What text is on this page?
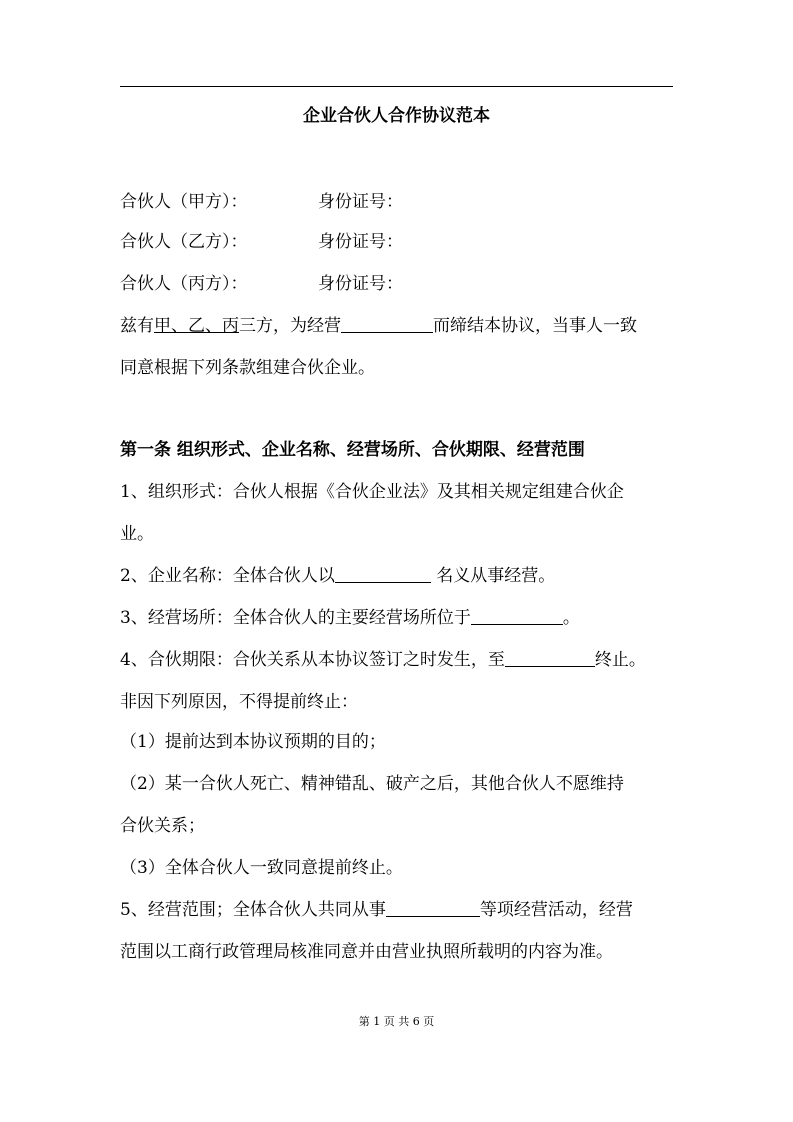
企业合伙人合作协议范本
合伙人（甲方）：	身份证号：
合伙人（乙方）：	身份证号：
合伙人（丙方）：	身份证号：
兹有甲、乙、丙三方，为经营	而缔结本协议，当事人一致
同意根据下列条款组建合伙企业。
第一条 组织形式、企业名称、经营场所、合伙期限、经营范围
1、组织形式：合伙人根据《合伙企业法》及其相关规定组建合伙企
业。
2、企业名称：全体合伙人以	名义从事经营。
3、经营场所：全体合伙人的主要经营场所位于	。
4、合伙期限：合伙关系从本协议签订之时发生，至	终止。
非因下列原因，不得提前终止：
（1）提前达到本协议预期的目的；
（2）某一合伙人死亡、精神错乱、破产之后，其他合伙人不愿维持
合伙关系；
（3）全体合伙人一致同意提前终止。
5、经营范围；全体合伙人共同从事	等项经营活动，经营
范围以工商行政管理局核准同意并由营业执照所载明的内容为准。
第 1 页 共 6 页
